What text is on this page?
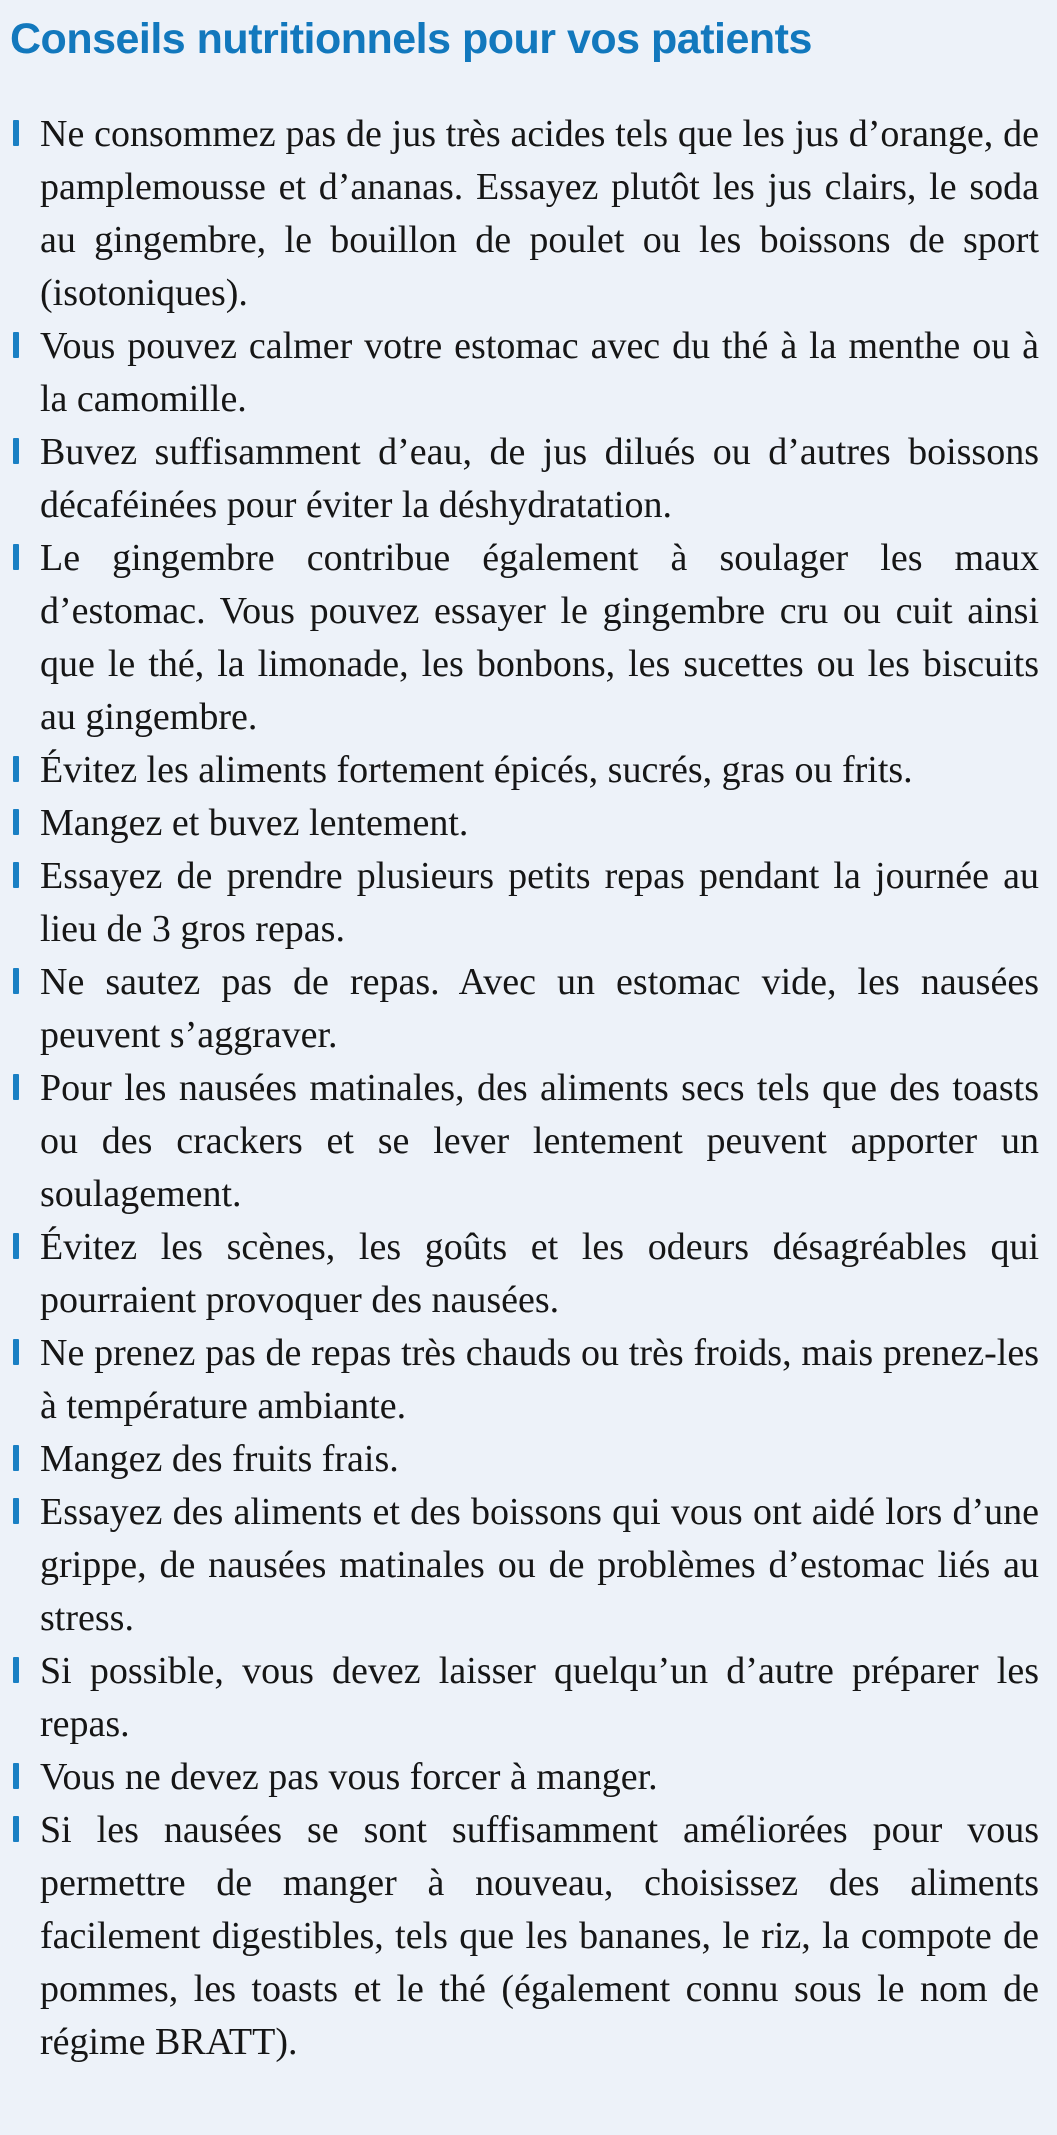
Conseils nutritionnels pour vos patients
Ne consommez pas de jus très acides tels que les jus d’orange, de pamplemousse et d’ananas. Essayez plutôt les jus clairs, le soda au gingembre, le bouillon de poulet ou les boissons de sport (isotoniques).
Vous pouvez calmer votre estomac avec du thé à la menthe ou à la camomille.
Buvez suffisamment d’eau, de jus dilués ou d’autres boissons décaféinées pour éviter la déshydratation.
Le gingembre contribue également à soulager les maux d’estomac. Vous pouvez essayer le gingembre cru ou cuit ainsi que le thé, la limonade, les bonbons, les sucettes ou les biscuits au gingembre.
Évitez les aliments fortement épicés, sucrés, gras ou frits.
Mangez et buvez lentement.
Essayez de prendre plusieurs petits repas pendant la journée au lieu de 3 gros repas.
Ne sautez pas de repas. Avec un estomac vide, les nausées peuvent s’aggraver.
Pour les nausées matinales, des aliments secs tels que des toasts ou des crackers et se lever lentement peuvent apporter un soulagement.
Évitez les scènes, les goûts et les odeurs désagréables qui pourraient provoquer des nausées.
Ne prenez pas de repas très chauds ou très froids, mais prenez-les à température ambiante.
Mangez des fruits frais.
Essayez des aliments et des boissons qui vous ont aidé lors d’une grippe, de nausées matinales ou de problèmes d’estomac liés au stress.
Si possible, vous devez laisser quelqu’un d’autre préparer les repas.
Vous ne devez pas vous forcer à manger.
Si les nausées se sont suffisamment améliorées pour vous permettre de manger à nouveau, choisissez des aliments facilement digestibles, tels que les bananes, le riz, la compote de pommes, les toasts et le thé (également connu sous le nom de régime BRATT).
